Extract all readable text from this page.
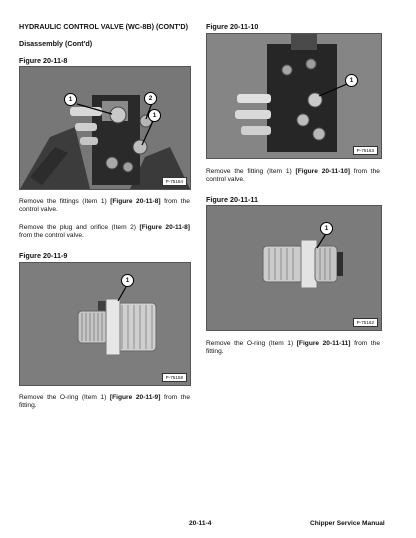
HYDRAULIC CONTROL VALVE (WC-8B) (CONT'D)
Disassembly (Cont'd)
Figure 20-11-8
1	2
1
P-75164
Remove the fittings (Item 1) [Figure 20-11-8] from the control valve.
Remove the plug and orifice (Item 2) [Figure 20-11-8] from the control valve.
Figure 20-11-9
1
P-75158
Remove the O-ring (Item 1) [Figure 20-11-9] from the fitting.
Figure 20-11-10
1
P-75163
Remove the fitting (Item 1) [Figure 20-11-10] from the control valve.
Figure 20-11-11
1
P-75162
Remove the O-ring (Item 1) [Figure 20-11-11] from the fitting.
20-11-4	Chipper Service Manual
